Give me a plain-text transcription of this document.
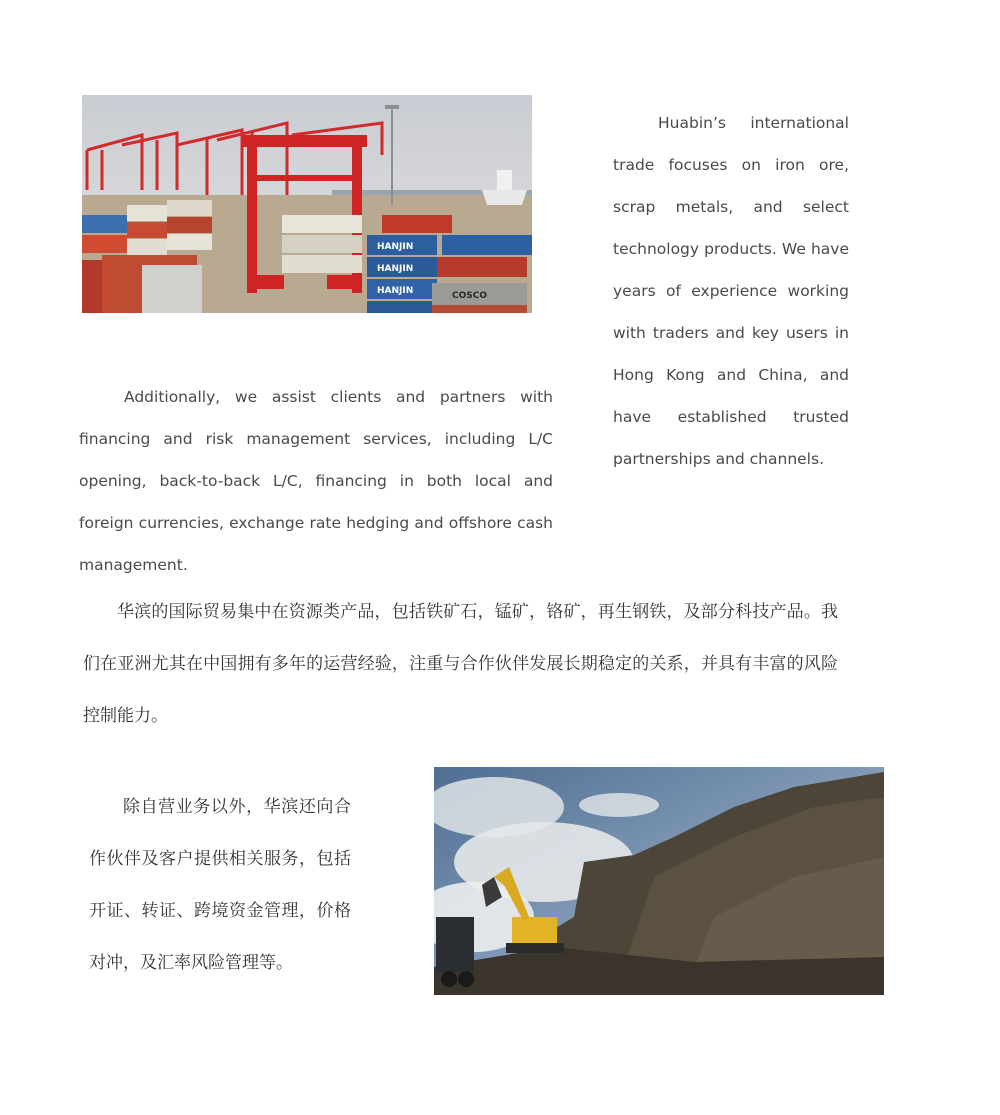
HANJIN
HANJIN
HANJIN	COSCO
Huabin’s international trade focuses on iron ore, scrap metals, and select technology products. We have years of experience working with traders and key users in Hong Kong and China, and have established trusted partnerships and channels.
Additionally, we assist clients and partners with financing and risk management services, including L/C opening, back-to-back L/C, financing in both local and foreign currencies, exchange rate hedging and offshore cash management.
华滨的国际贸易集中在资源类产品，包括铁矿石，锰矿，铬矿，再生钢铁，及部分科技产品。我们在亚洲尤其在中国拥有多年的运营经验，注重与合作伙伴发展长期稳定的关系，并具有丰富的风险控制能力。
除自营业务以外，华滨还向合作伙伴及客户提供相关服务，包括开证、转证、跨境资金管理，价格对冲，及汇率风险管理等。
